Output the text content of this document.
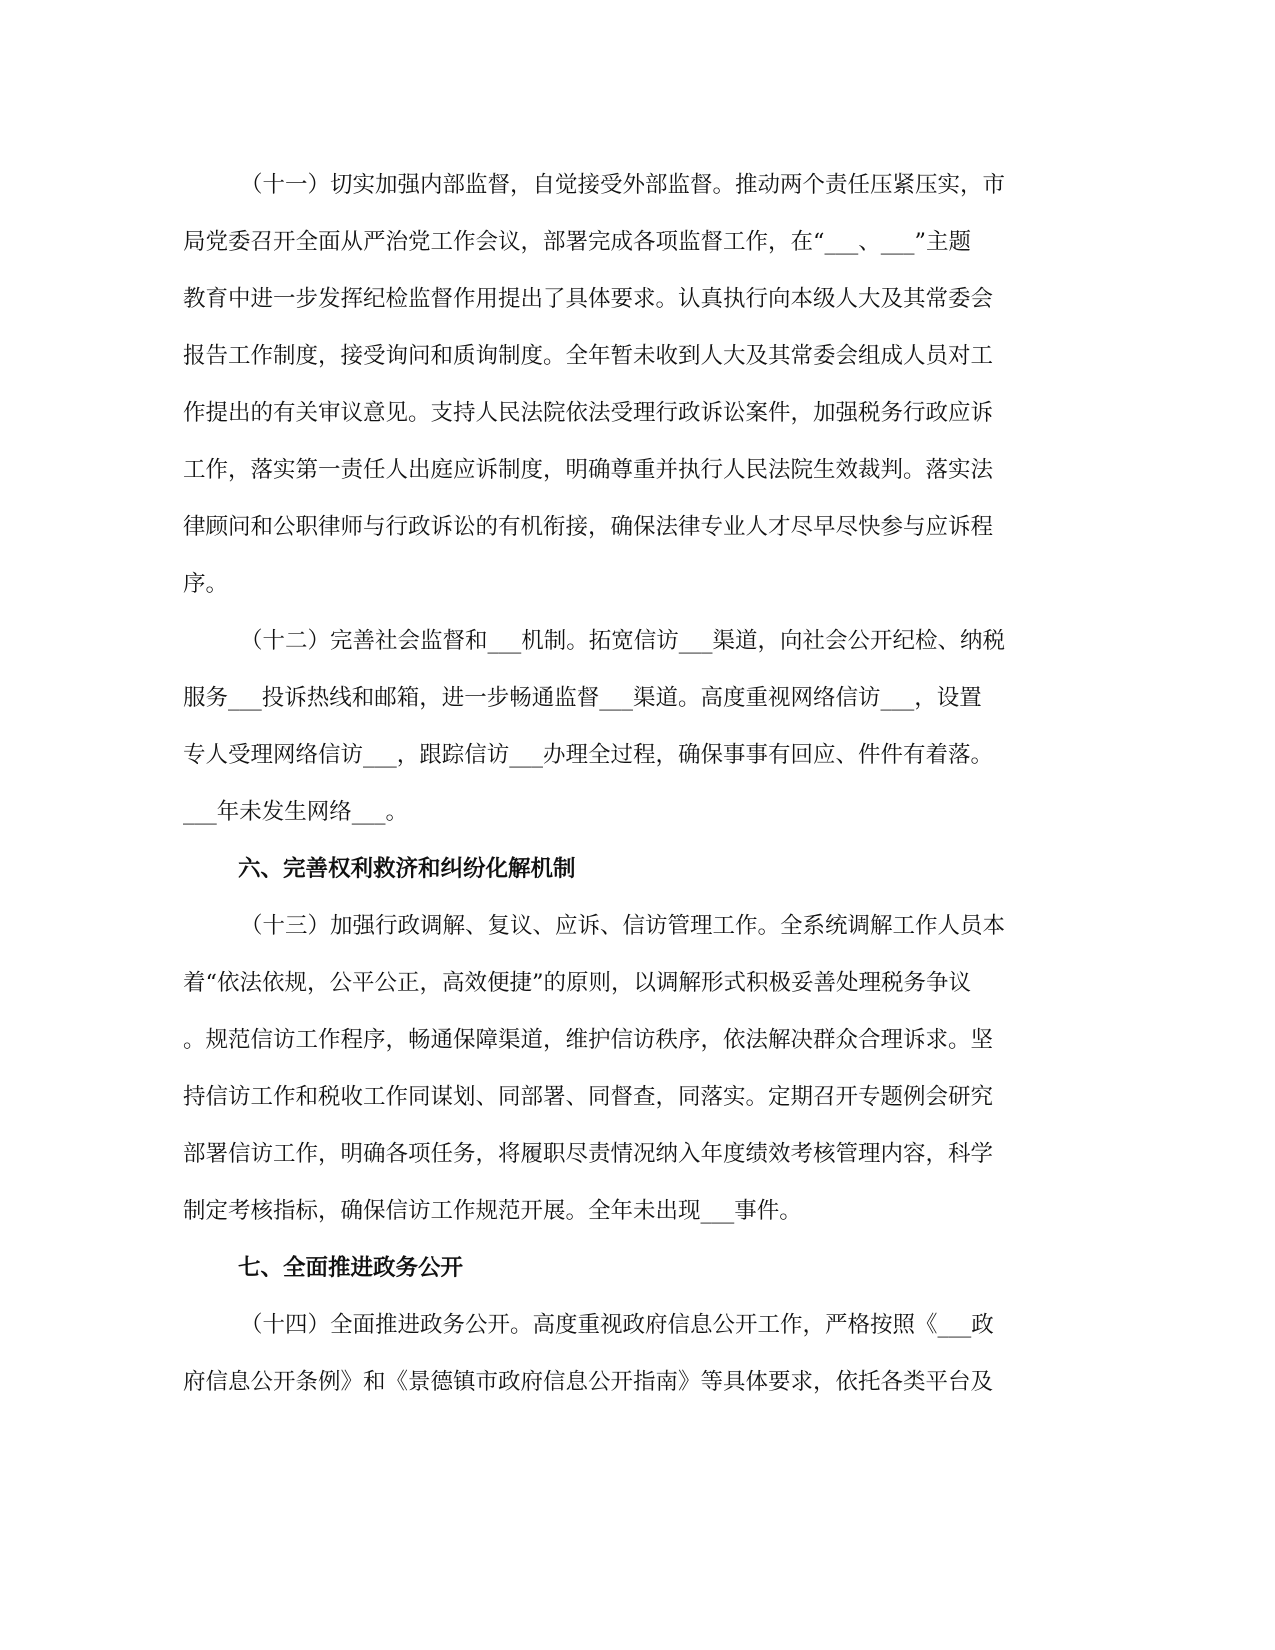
（十一）切实加强内部监督，自觉接受外部监督。推动两个责任压紧压实，市
局党委召开全面从严治党工作会议，部署完成各项监督工作，在“___、___”主题
教育中进一步发挥纪检监督作用提出了具体要求。认真执行向本级人大及其常委会
报告工作制度，接受询问和质询制度。全年暂未收到人大及其常委会组成人员对工
作提出的有关审议意见。支持人民法院依法受理行政诉讼案件，加强税务行政应诉
工作，落实第一责任人出庭应诉制度，明确尊重并执行人民法院生效裁判。落实法
律顾问和公职律师与行政诉讼的有机衔接，确保法律专业人才尽早尽快参与应诉程
序。
（十二）完善社会监督和___机制。拓宽信访___渠道，向社会公开纪检、纳税
服务___投诉热线和邮箱，进一步畅通监督___渠道。高度重视网络信访___，设置
专人受理网络信访___，跟踪信访___办理全过程，确保事事有回应、件件有着落。
___年未发生网络___。
六、完善权利救济和纠纷化解机制
（十三）加强行政调解、复议、应诉、信访管理工作。全系统调解工作人员本
着“依法依规，公平公正，高效便捷”的原则，以调解形式积极妥善处理税务争议
。规范信访工作程序，畅通保障渠道，维护信访秩序，依法解决群众合理诉求。坚
持信访工作和税收工作同谋划、同部署、同督查，同落实。定期召开专题例会研究
部署信访工作，明确各项任务，将履职尽责情况纳入年度绩效考核管理内容，科学
制定考核指标，确保信访工作规范开展。全年未出现___事件。
七、全面推进政务公开
（十四）全面推进政务公开。高度重视政府信息公开工作，严格按照《___政
府信息公开条例》和《景德镇市政府信息公开指南》等具体要求，依托各类平台及
